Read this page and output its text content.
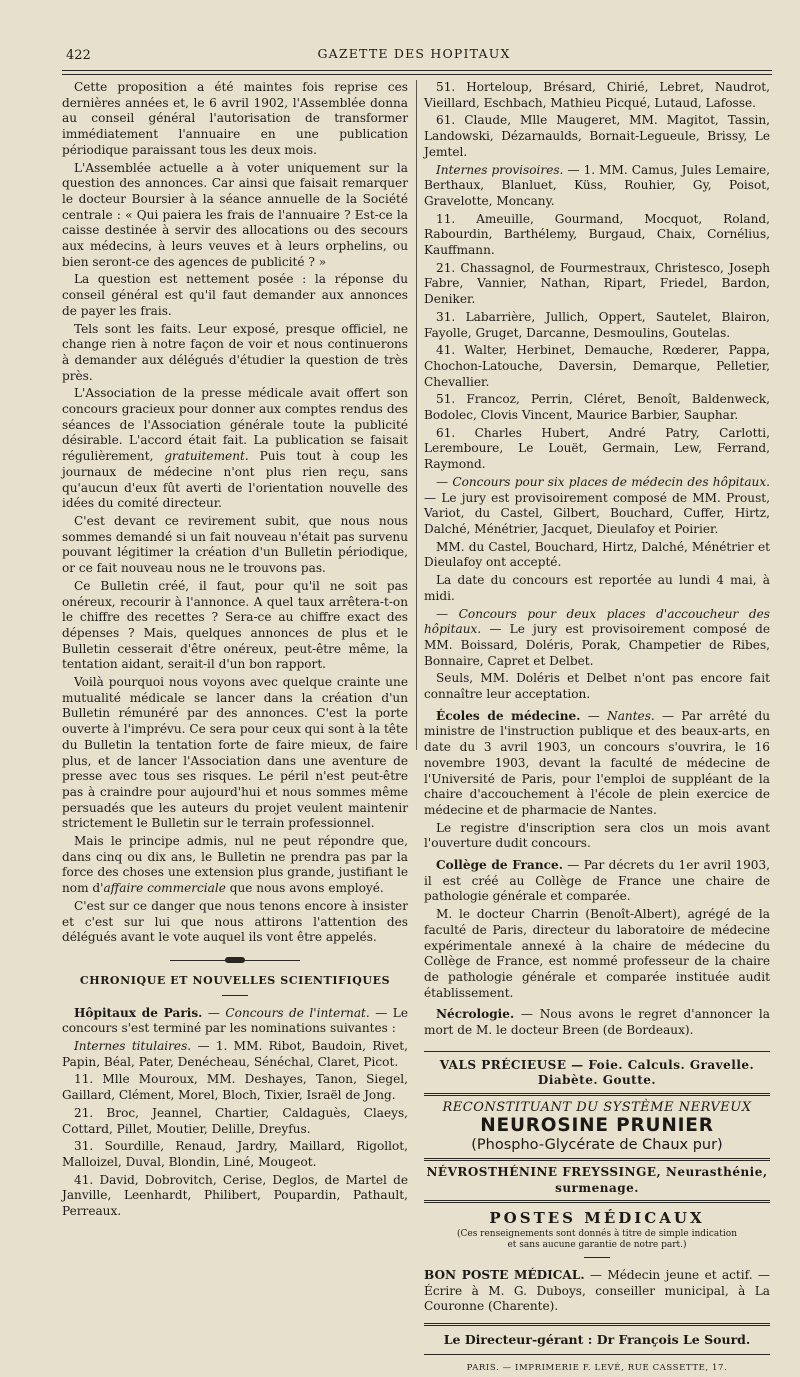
422	GAZETTE DES HOPITAUX

Cette proposition a été maintes fois reprise ces dernières années et, le 6 avril 1902, l'Assemblée donna au conseil général l'autorisation de transformer immédiatement l'annuaire en une publication périodique paraissant tous les deux mois.

L'Assemblée actuelle a à voter uniquement sur la question des annonces. Car ainsi que faisait remarquer le docteur Boursier à la séance annuelle de la Société centrale : « Qui paiera les frais de l'annuaire ? Est-ce la caisse destinée à servir des allocations ou des secours aux médecins, à leurs veuves et à leurs orphelins, ou bien seront-ce des agences de publicité ? »

La question est nettement posée : la réponse du conseil général est qu'il faut demander aux annonces de payer les frais.

Tels sont les faits. Leur exposé, presque officiel, ne change rien à notre façon de voir et nous continuerons à demander aux délégués d'étudier la question de très près.

L'Association de la presse médicale avait offert son concours gracieux pour donner aux comptes rendus des séances de l'Association générale toute la publicité désirable. L'accord était fait. La publication se faisait régulièrement, gratuitement. Puis tout à coup les journaux de médecine n'ont plus rien reçu, sans qu'aucun d'eux fût averti de l'orientation nouvelle des idées du comité directeur.

C'est devant ce revirement subit, que nous nous sommes demandé si un fait nouveau n'était pas survenu pouvant légitimer la création d'un Bulletin périodique, or ce fait nouveau nous ne le trouvons pas.

Ce Bulletin créé, il faut, pour qu'il ne soit pas onéreux, recourir à l'annonce. A quel taux arrêtera-t-on le chiffre des recettes ? Sera-ce au chiffre exact des dépenses ? Mais, quelques annonces de plus et le Bulletin cesserait d'être onéreux, peut-être même, la tentation aidant, serait-il d'un bon rapport.

Voilà pourquoi nous voyons avec quelque crainte une mutualité médicale se lancer dans la création d'un Bulletin rémunéré par des annonces. C'est la porte ouverte à l'imprévu. Ce sera pour ceux qui sont à la tête du Bulletin la tentation forte de faire mieux, de faire plus, et de lancer l'Association dans une aventure de presse avec tous ses risques. Le péril n'est peut-être pas à craindre pour aujourd'hui et nous sommes même persuadés que les auteurs du projet veulent maintenir strictement le Bulletin sur le terrain professionnel.

Mais le principe admis, nul ne peut répondre que, dans cinq ou dix ans, le Bulletin ne prendra pas par la force des choses une extension plus grande, justifiant le nom d'affaire commerciale que nous avons employé.

C'est sur ce danger que nous tenons encore à insister et c'est sur lui que nous attirons l'attention des délégués avant le vote auquel ils vont être appelés.

CHRONIQUE ET NOUVELLES SCIENTIFIQUES

Hôpitaux de Paris. — Concours de l'internat. — Le concours s'est terminé par les nominations suivantes :

Internes titulaires. — 1. MM. Ribot, Baudoin, Rivet, Papin, Béal, Pater, Denécheau, Sénéchal, Claret, Picot.

11. Mlle Mouroux, MM. Deshayes, Tanon, Siegel, Gaillard, Clément, Morel, Bloch, Tixier, Israël de Jong.

21. Broc, Jeannel, Chartier, Caldaguès, Claeys, Cottard, Pillet, Moutier, Delille, Dreyfus.

31. Sourdille, Renaud, Jardry, Maillard, Rigollot, Malloizel, Duval, Blondin, Liné, Mougeot.

41. David, Dobrovitch, Cerise, Deglos, de Martel de Janville, Leenhardt, Philibert, Poupardin, Pathault, Perreaux.

51. Horteloup, Brésard, Chirié, Lebret, Naudrot, Vieillard, Eschbach, Mathieu Picqué, Lutaud, Lafosse.

61. Claude, Mlle Maugeret, MM. Magitot, Tassin, Landowski, Dézarnaulds, Bornait-Legueule, Brissy, Le Jemtel.

Internes provisoires. — 1. MM. Camus, Jules Lemaire, Berthaux, Blanluet, Küss, Rouhier, Gy, Poisot, Gravelotte, Moncany.

11. Ameuille, Gourmand, Mocquot, Roland, Rabourdin, Barthélemy, Burgaud, Chaix, Cornélius, Kauffmann.

21. Chassagnol, de Fourmestraux, Christesco, Joseph Fabre, Vannier, Nathan, Ripart, Friedel, Bardon, Deniker.

31. Labarrière, Jullich, Oppert, Sautelet, Blairon, Fayolle, Gruget, Darcanne, Desmoulins, Goutelas.

41. Walter, Herbinet, Demauche, Rœderer, Pappa, Chochon-Latouche, Daversin, Demarque, Pelletier, Chevallier.

51. Francoz, Perrin, Cléret, Benoît, Baldenweck, Bodolec, Clovis Vincent, Maurice Barbier, Sauphar.

61. Charles Hubert, André Patry, Carlotti, Leremboure, Le Louët, Germain, Lew, Ferrand, Raymond.

— Concours pour six places de médecin des hôpitaux. — Le jury est provisoirement composé de MM. Proust, Variot, du Castel, Gilbert, Bouchard, Cuffer, Hirtz, Dalché, Ménétrier, Jacquet, Dieulafoy et Poirier.

MM. du Castel, Bouchard, Hirtz, Dalché, Ménétrier et Dieulafoy ont accepté.

La date du concours est reportée au lundi 4 mai, à midi.

— Concours pour deux places d'accoucheur des hôpitaux. — Le jury est provisoirement composé de MM. Boissard, Doléris, Porak, Champetier de Ribes, Bonnaire, Capret et Delbet.

Seuls, MM. Doléris et Delbet n'ont pas encore fait connaître leur acceptation.

Écoles de médecine. — Nantes. — Par arrêté du ministre de l'instruction publique et des beaux-arts, en date du 3 avril 1903, un concours s'ouvrira, le 16 novembre 1903, devant la faculté de médecine de l'Université de Paris, pour l'emploi de suppléant de la chaire d'accouchement à l'école de plein exercice de médecine et de pharmacie de Nantes.

Le registre d'inscription sera clos un mois avant l'ouverture dudit concours.

Collège de France. — Par décrets du 1er avril 1903, il est créé au Collège de France une chaire de pathologie générale et comparée.

M. le docteur Charrin (Benoît-Albert), agrégé de la faculté de Paris, directeur du laboratoire de médecine expérimentale annexé à la chaire de médecine du Collège de France, est nommé professeur de la chaire de pathologie générale et comparée instituée audit établissement.

Nécrologie. — Nous avons le regret d'annoncer la mort de M. le docteur Breen (de Bordeaux).

VALS PRÉCIEUSE — Foie. Calculs. Gravelle. Diabète. Goutte.
RECONSTITUANT DU SYSTÈME NERVEUX
NEUROSINE PRUNIER
(Phospho-Glycérate de Chaux pur)
NÉVROSTHÉNINE FREYSSINGE, Neurasthénie, surmenage.
POSTES MÉDICAUX
(Ces renseignements sont donnés à titre de simple indication
et sans aucune garantie de notre part.)

BON POSTE MÉDICAL. — Médecin jeune et actif. — Écrire à M. G. Duboys, conseiller municipal, à La Couronne (Charente).

Le Directeur-gérant : Dr François Le Sourd.
PARIS. — IMPRIMERIE F. LEVÉ, RUE CASSETTE, 17.
